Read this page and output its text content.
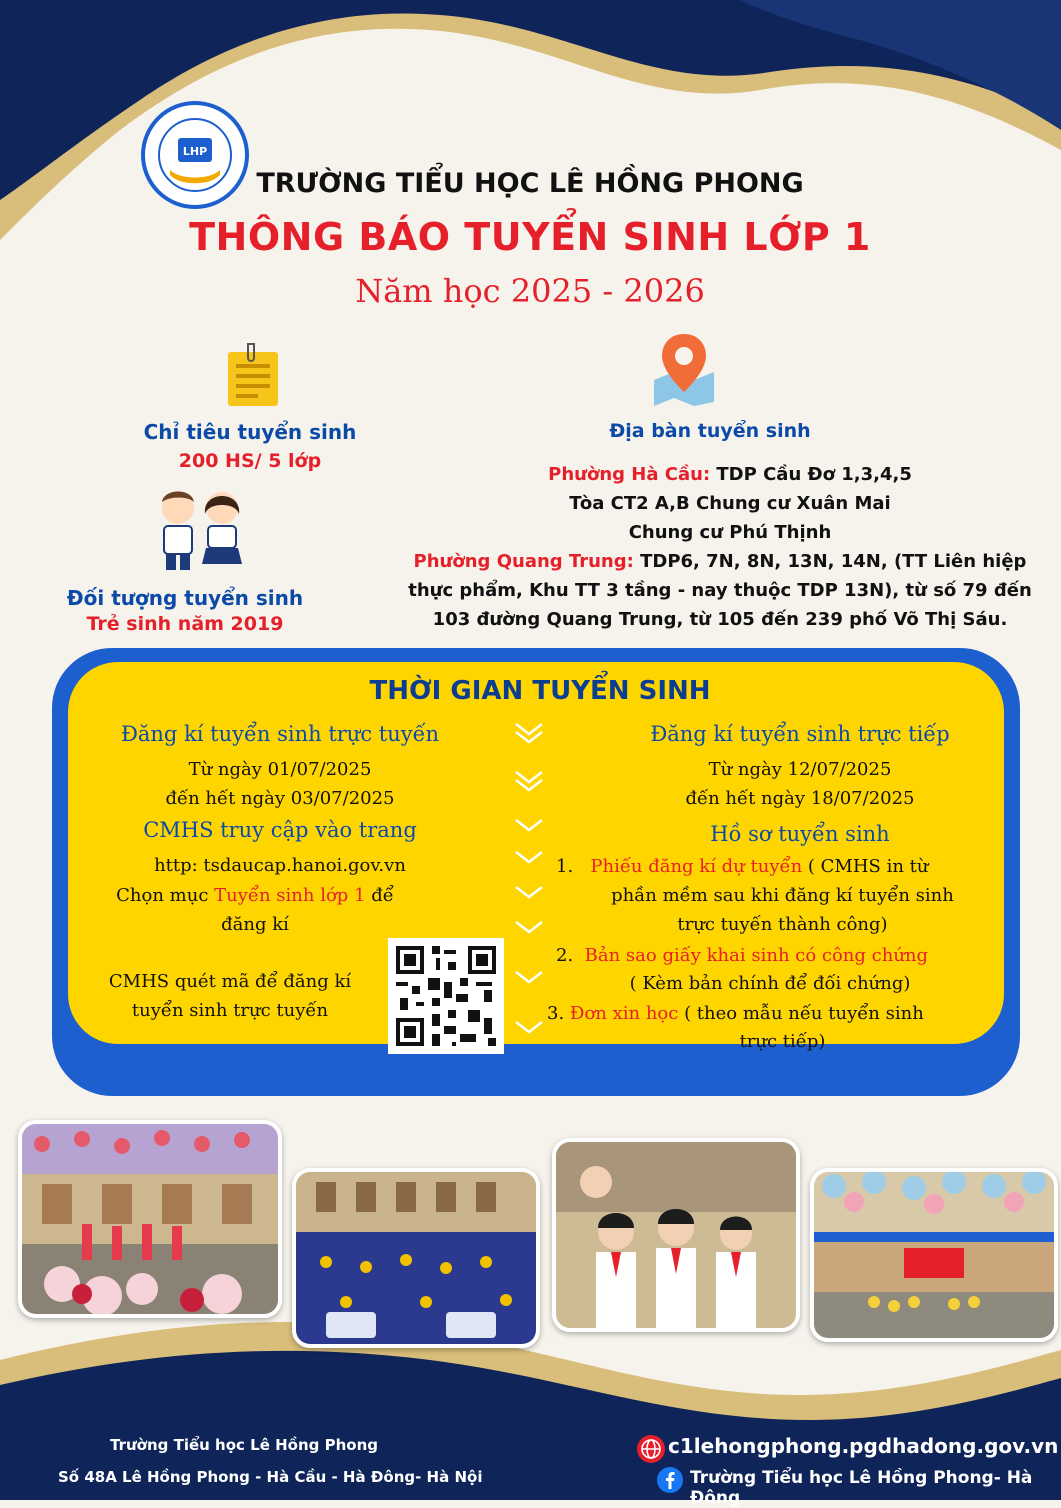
LHP
TRƯỜNG TIỂU HỌC LÊ HỒNG PHONG
THÔNG BÁO TUYỂN SINH LỚP 1
Năm học 2025 - 2026
Chỉ tiêu tuyển sinh
200 HS/ 5 lớp
Đối tượng tuyển sinh
Trẻ sinh năm 2019
Địa bàn tuyển sinh
Phường Hà Cầu: TDP Cầu Đơ 1,3,4,5
Tòa CT2 A,B Chung cư Xuân Mai
Chung cư Phú Thịnh
Phường Quang Trung: TDP6, 7N, 8N, 13N, 14N, (TT Liên hiệp
thực phẩm, Khu TT 3 tầng - nay thuộc TDP 13N), từ số 79 đến
103 đường Quang Trung, từ 105 đến 239 phố Võ Thị Sáu.
THỜI GIAN TUYỂN SINH
Đăng kí tuyển sinh trực tuyến
Từ ngày 01/07/2025
đến hết ngày 03/07/2025
CMHS truy cập vào trang
http: tsdaucap.hanoi.gov.vn
Chọn mục Tuyển sinh lớp 1 để
đăng kí
CMHS quét mã để đăng kí
tuyển sinh trực tuyến
Đăng kí tuyển sinh trực tiếp
Từ ngày 12/07/2025
đến hết ngày 18/07/2025
Hồ sơ tuyển sinh
1. Phiếu đăng kí dự tuyển ( CMHS in từ
phần mềm sau khi đăng kí tuyển sinh
trực tuyến thành công)
2. Bản sao giấy khai sinh có công chứng
( Kèm bản chính để đối chứng)
3. Đơn xin học ( theo mẫu nếu tuyển sinh
trực tiếp)
Trường Tiểu học Lê Hồng Phong
Số 48A Lê Hồng Phong - Hà Cầu - Hà Đông- Hà Nội
c1lehongphong.pgdhadong.gov.vn
Trường Tiểu học Lê Hồng Phong- Hà Đông
